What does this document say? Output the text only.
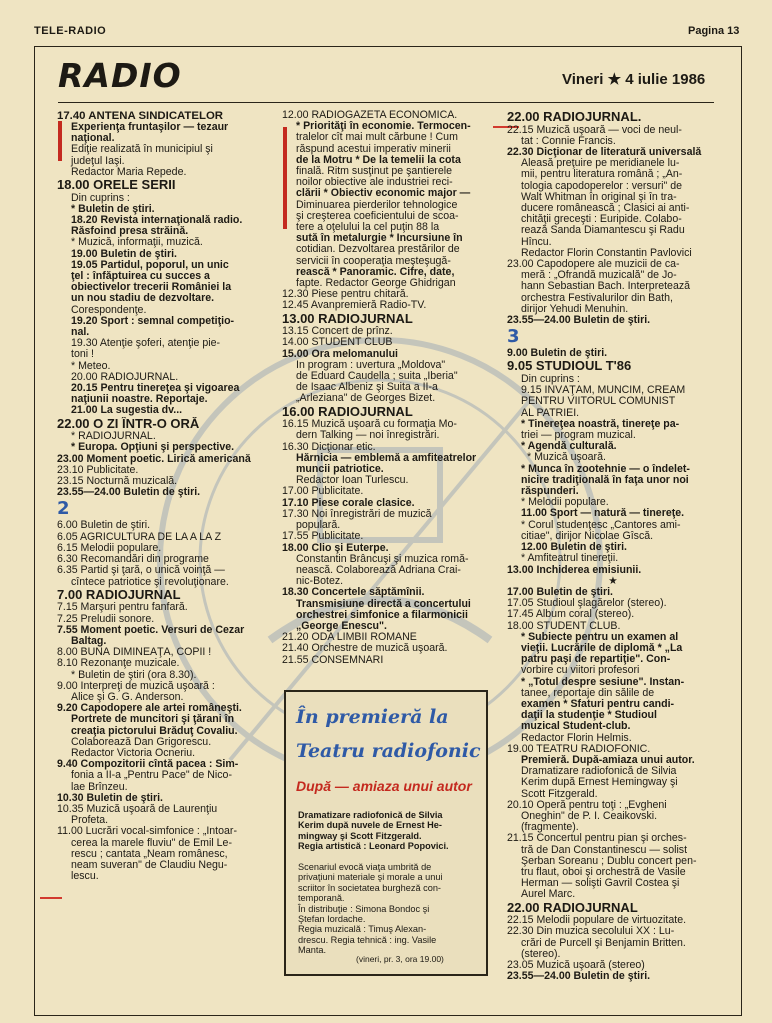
TELE-RADIO	Pagina 13
RADIO	Vineri ★ 4 iulie 1986

17.40 ANTENA SINDICATELOR

Experienţa fruntaşilor — tezaur

naţional.

Ediţie realizată în municipiul şi

judeţul Iaşi.

Redactor Maria Repede.

18.00 ORELE SERII

Din cuprins :

* Buletin de ştiri.

18.20 Revista internaţională radio.

Răsfoind presa străină.

* Muzică, informaţii, muzică.

19.00 Buletin de ştiri.

19.05 Partidul, poporul, un unic

ţel : înfăptuirea cu succes a

obiectivelor trecerii României la

un nou stadiu de dezvoltare.

Corespondenţe.

19.20 Sport : semnal competiţio-

nal.

19.30 Atenţie şoferi, atenţie pie-

toni !

* Meteo.

20.00 RADIOJURNAL.

20.15 Pentru tinereţea şi vigoarea

naţiunii noastre. Reportaje.

21.00 La sugestia dv...

22.00 O ZI ÎNTR-O ORĂ

* RADIOJURNAL.

* Europa. Opţiuni şi perspective.

23.00 Moment poetic. Lirică americană

23.10 Publicitate.

23.15 Nocturnă muzicală.

23.55—24.00 Buletin de ştiri.

2

6.00 Buletin de ştiri.

6.05 AGRICULTURA DE LA A LA Z

6.15 Melodii populare.

6.30 Recomandări din programe

6.35 Partid şi ţară, o unică voinţă —

cîntece patriotice şi revoluţionare.

7.00 RADIOJURNAL

7.15 Marşuri pentru fanfară.

7.25 Preludii sonore.

7.55 Moment poetic. Versuri de Cezar

Baltag.

8.00 BUNĂ DIMINEAŢA, COPII !

8.10 Rezonanţe muzicale.

* Buletin de ştiri (ora 8.30).

9.00 Interpreţi de muzică uşoară :

Alice şi G. G. Anderson.

9.20 Capodopere ale artei româneşti.

Portrete de muncitori şi ţărani în

creaţia pictorului Brăduţ Covaliu.

Colaborează Dan Grigorescu.

Redactor Victoria Ocneriu.

9.40 Compozitorii cîntă pacea : Sim-

fonia a II-a „Pentru Pace" de Nico-

lae Brînzeu.

10.30 Buletin de ştiri.

10.35 Muzică uşoară de Laurenţiu

Profeta.

11.00 Lucrări vocal-simfonice : „Întoar-

cerea la marele fluviu" de Emil Le-

rescu ; cantata „Neam românesc,

neam suveran" de Claudiu Negu-

lescu.

12.00 RADIOGAZETA ECONOMICĂ.

* Priorităţi în economie. Termocen-

tralelor cît mai mult cărbune ! Cum

răspund acestui imperativ minerii

de la Motru * De la temelii la cota

finală. Ritm susţinut pe şantierele

noilor obiective ale industriei reci-

clării * Obiectiv economic major —

Diminuarea pierderilor tehnologice

şi creşterea coeficientului de scoa-

tere a oţelului la cel puţin 88 la

sută în metalurgie * Încursiune în

cotidian. Dezvoltarea prestărilor de

servicii în cooperaţia meşteşugă-

rească * Panoramic. Cifre, date,

fapte. Redactor George Ghidrigan

12.30 Piese pentru chitară.

12.45 Avanpremieră Radio-TV.

13.00 RADIOJURNAL

13.15 Concert de prînz.

14.00 STUDENT CLUB

15.00 Ora melomanului

În program : uvertura „Moldova"

de Eduard Caudella ; suita „Iberia"

de Isaac Albeniz şi Suita a II-a

„Arleziana" de Georges Bizet.

16.00 RADIOJURNAL

16.15 Muzică uşoară cu formaţia Mo-

dern Talking — noi înregistrări.

16.30 Dicţionar etic.

Hărnicia — emblemă a amfiteatrelor

muncii patriotice.

Redactor Ioan Turlescu.

17.00 Publicitate.

17.10 Piese corale clasice.

17.30 Noi înregistrări de muzică

populară.

17.55 Publicitate.

18.00 Clio şi Euterpe.

Constantin Brâncuşi şi muzica romă-

nească. Colaborează Adriana Crai-

nic-Botez.

18.30 Concertele săptămînii.

Transmisiune directă a concertului

orchestrei simfonice a filarmonicii

„George Enescu".

21.20 ODA LIMBII ROMÂNE

21.40 Orchestre de muzică uşoară.

21.55 CONSEMNĂRI

22.00 RADIOJURNAL.

22.15 Muzică uşoară — voci de neul-

tat : Connie Francis.

22.30 Dicţionar de literatură universală

Aleasă preţuire pe meridianele lu-

mii, pentru literatura română ; „An-

tologia capodoperelor : versuri" de

Walt Whitman în original şi în tra-

ducere românească ; Clasici ai anti-

chităţii greceşti : Euripide. Colabo-

rează Sanda Diamantescu şi Radu

Hîncu.

Redactor Florin Constantin Pavlovici

23.00 Capodopere ale muzicii de ca-

meră : „Ofrandă muzicală" de Jo-

hann Sebastian Bach. Interpretează

orchestra Festivalurilor din Bath,

dirijor Yehudi Menuhin.

23.55—24.00 Buletin de ştiri.

3

9.00 Buletin de ştiri.

9.05 STUDIOUL T'86

Din cuprins :

9.15 ÎNVĂŢĂM, MUNCIM, CREĂM

PENTRU VIITORUL COMUNIST

AL PATRIEI.

* Tinereţea noastră, tinereţe pa-

triei — program muzical.

* Agendă culturală.

* Muzică uşoară.

* Munca în zootehnie — o îndelet-

nicire tradiţională în faţa unor noi

răspunderi.

* Melodii populare.

11.00 Sport — natură — tinereţe.

* Corul studenţesc „Cantores ami-

citiae", dirijor Nicolae Gîscă.

12.00 Buletin de ştiri.

* Amfiteatrul tinereţii.

13.00 Închiderea emisiunii.

★

17.00 Buletin de ştiri.

17.05 Studioul şlagărelor (stereo).

17.45 Album coral (stereo).

18.00 STUDENT CLUB.

* Subiecte pentru un examen al

vieţii. Lucrările de diplomă * „La

patru paşi de repartiţie". Con-

vorbire cu viitori profesori

* „Totul despre sesiune". Instan-

tanee, reportaje din sălile de

examen * Sfaturi pentru candi-

daţii la studenţie * Studioul

muzical Student-club.

Redactor Florin Helmis.

19.00 TEATRU RADIOFONIC.

Premieră. După-amiaza unui autor.

Dramatizare radiofonică de Silvia

Kerim după Ernest Hemingway şi

Scott Fitzgerald.

20.10 Operă pentru toţi : „Evgheni

Oneghin" de P. I. Ceaikovski.

(fragmente).

21.15 Concertul pentru pian şi orches-

tră de Dan Constantinescu — solist

Şerban Soreanu ; Dublu concert pen-

tru flaut, oboi şi orchestră de Vasile

Herman — solişti Gavril Costea şi

Aurel Marc.

22.00 RADIOJURNAL

22.15 Melodii populare de virtuozitate.

22.30 Din muzica secolului XX : Lu-

crări de Purcell şi Benjamin Britten.

(stereo).

23.05 Muzică uşoară (stereo)

23.55—24.00 Buletin de ştiri.

În premieră la
Teatru radiofonic
După — amiaza unui autor
Dramatizare radiofonică de Silvia
Kerim după nuvele de Ernest He-
mingway şi Scott Fitzgerald.
Regia artistică : Leonard Popovici.
Scenariul evocă viaţa umbrită de
privaţiuni materiale şi morale a unui
scriitor în societatea burgheză con-
temporană.
În distribuţie : Simona Bondoc şi
Ştefan Iordache.
Regia muzicală : Timuş Alexan-
drescu. Regia tehnică : ing. Vasile
Manta.
(vineri, pr. 3, ora 19.00)
